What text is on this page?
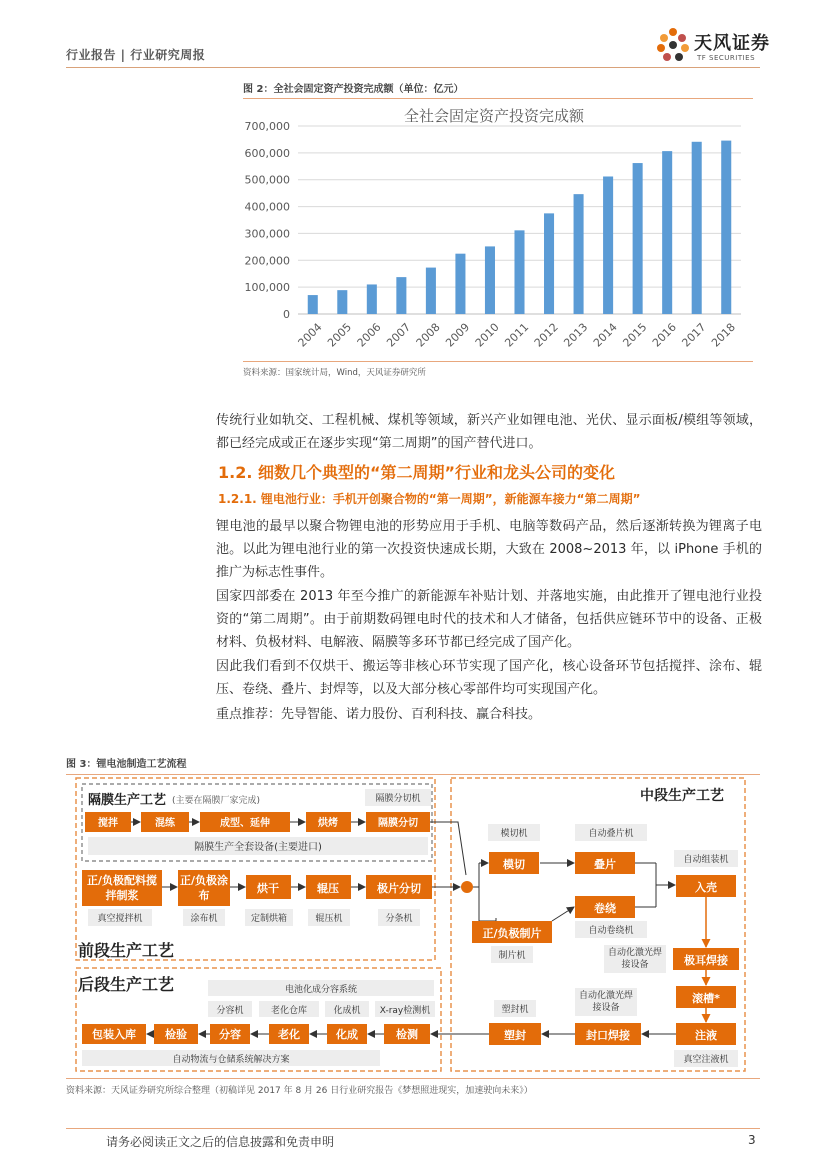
行业报告 | 行业研究周报
天风证券
TF SECURITIES
图 2：全社会固定资产投资完成额（单位：亿元）
全社会固定资产投资完成额
0
100,000
200,000
300,000
400,000
500,000
600,000
700,000
2004 2005 2006 2007 2008 2009 2010 2011 2012 2013 2014 2015 2016 2017 2018
资料来源：国家统计局，Wind，天风证券研究所
传统行业如轨交、工程机械、煤机等领域，新兴产业如锂电池、光伏、显示面板/模组等领域，都已经完成或正在逐步实现“第二周期”的国产替代进口。
1.2. 细数几个典型的“第二周期”行业和龙头公司的变化
1.2.1. 锂电池行业：手机开创聚合物的“第一周期”，新能源车接力“第二周期”
锂电池的最早以聚合物锂电池的形势应用于手机、电脑等数码产品，然后逐渐转换为锂离子电池。以此为锂电池行业的第一次投资快速成长期，大致在 2008~2013 年，以 iPhone 手机的推广为标志性事件。
国家四部委在 2013 年至今推广的新能源车补贴计划、并落地实施，由此推开了锂电池行业投资的“第二周期”。由于前期数码锂电时代的技术和人才储备，包括供应链环节中的设备、正极材料、负极材料、电解液、隔膜等多环节都已经完成了国产化。
因此我们看到不仅烘干、搬运等非核心环节实现了国产化，核心设备环节包括搅拌、涂布、辊压、卷绕、叠片、封焊等，以及大部分核心零部件均可实现国产化。
重点推荐：先导智能、诺力股份、百利科技、赢合科技。
图 3：锂电池制造工艺流程
隔膜生产工艺 (主要在隔膜厂家完成)
前段生产工艺
中段生产工艺
后段生产工艺
隔膜分切机
隔膜生产全套设备(主要进口)
搅拌	混练	成型、延伸	烘烤	隔膜分切
正/负极配料搅拌制浆
正/负极涂布
烘干	辊压	极片分切
真空搅拌机	涂布机	定制烘箱	辊压机	分条机
模切机
模切
自动叠片机
叠片
卷绕
自动卷绕机
正/负极制片
制片机
自动组装机
入壳
自动化激光焊接设备	极耳焊接
滚槽*
注液
真空注液机
自动化激光焊接设备
封口焊接
塑封机
塑封
电池化成分容系统
分容机	老化仓库	化成机 X-ray检测机
包装入库	检验	分容	老化	化成	检测
自动物流与仓储系统解决方案
资料来源：天风证券研究所综合整理（初稿详见 2017 年 8 月 26 日行业研究报告《梦想照进现实，加速驶向未来》）
请务必阅读正文之后的信息披露和免责申明	3
